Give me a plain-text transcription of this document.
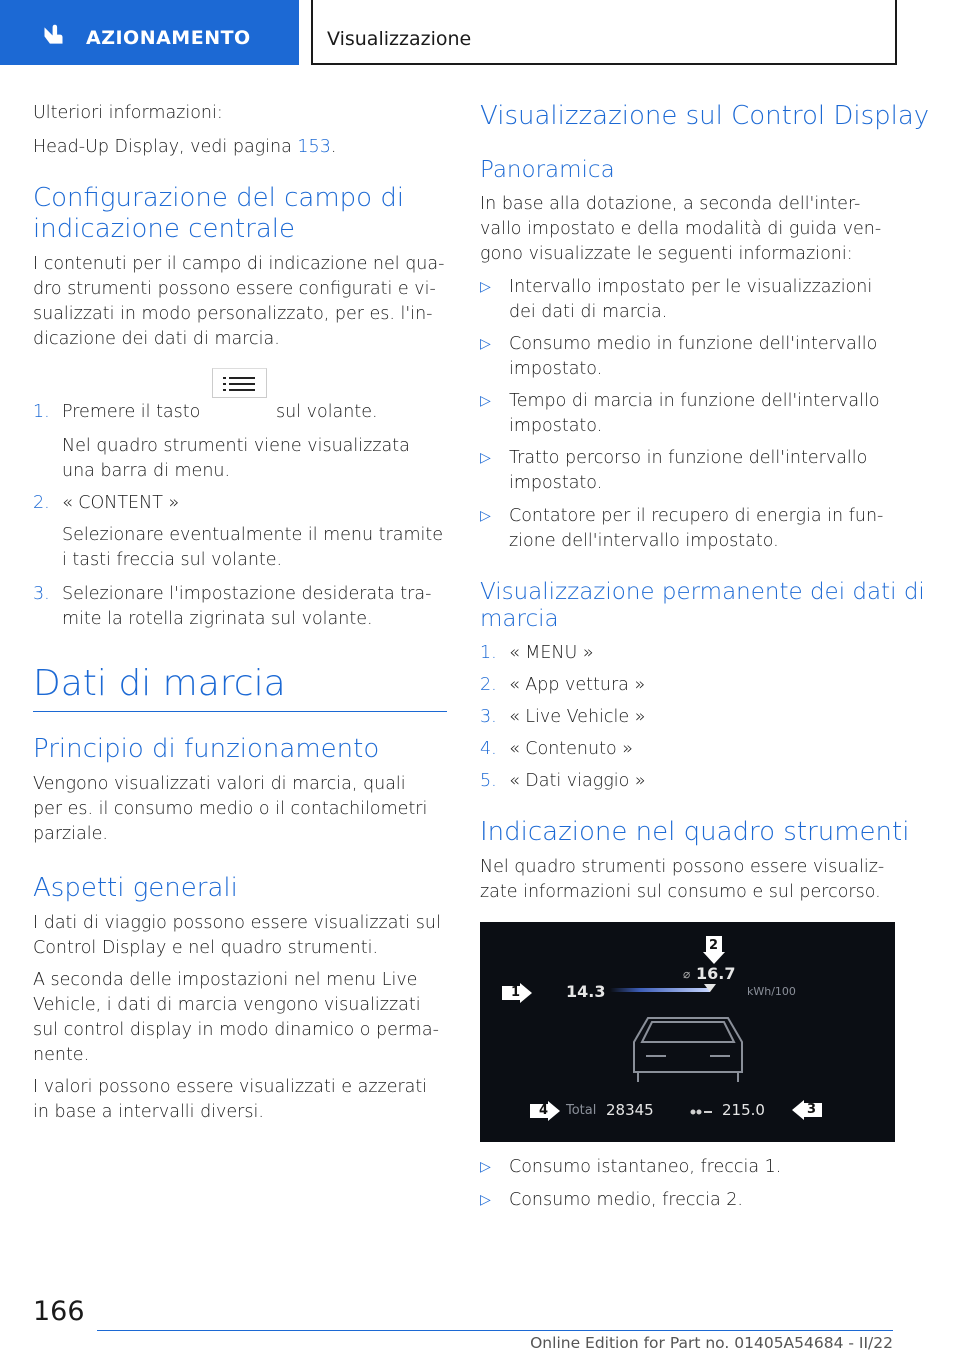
AZIONAMENTO	Visualizzazione
Ulteriori informazioni:
Head-Up Display, vedi pagina 153.
Configurazione del campo di
indicazione centrale
I contenuti per il campo di indicazione nel qua-
dro strumenti possono essere configurati e vi-
sualizzati in modo personalizzato, per es. l'in-
dicazione dei dati di marcia.
1. Premere il tasto	sul volante.
Nel quadro strumenti viene visualizzata
una barra di menu.
2. « CONTENT »
Selezionare eventualmente il menu tramite
i tasti freccia sul volante.
3. Selezionare l'impostazione desiderata tra-
mite la rotella zigrinata sul volante.
Dati di marcia
Principio di funzionamento
Vengono visualizzati valori di marcia, quali
per es. il consumo medio o il contachilometri
parziale.
Aspetti generali
I dati di viaggio possono essere visualizzati sul
Control Display e nel quadro strumenti.
A seconda delle impostazioni nel menu Live
Vehicle, i dati di marcia vengono visualizzati
sul control display in modo dinamico o perma-
nente.
I valori possono essere visualizzati e azzerati
in base a intervalli diversi.
Visualizzazione sul Control Display
Panoramica
In base alla dotazione, a seconda dell'inter-
vallo impostato e della modalità di guida ven-
gono visualizzate le seguenti informazioni:
▷ Intervallo impostato per le visualizzazioni
dei dati di marcia.
▷ Consumo medio in funzione dell'intervallo
impostato.
▷ Tempo di marcia in funzione dell'intervallo
impostato.
▷ Tratto percorso in funzione dell'intervallo
impostato.
▷ Contatore per il recupero di energia in fun-
zione dell'intervallo impostato.
Visualizzazione permanente dei dati di
marcia
1. « MENU »
2. « App vettura »
3. « Live Vehicle »
4. « Contenuto »
5. « Dati viaggio »
Indicazione nel quadro strumenti
Nel quadro strumenti possono essere visualiz-
zate informazioni sul consumo e sul percorso.
1
2
3
4
14.3
⌀ 16.7
kWh/100
Total 28345	215.0
▷ Consumo istantaneo, freccia 1.
▷ Consumo medio, freccia 2.
166
Online Edition for Part no. 01405A54684 - II/22
